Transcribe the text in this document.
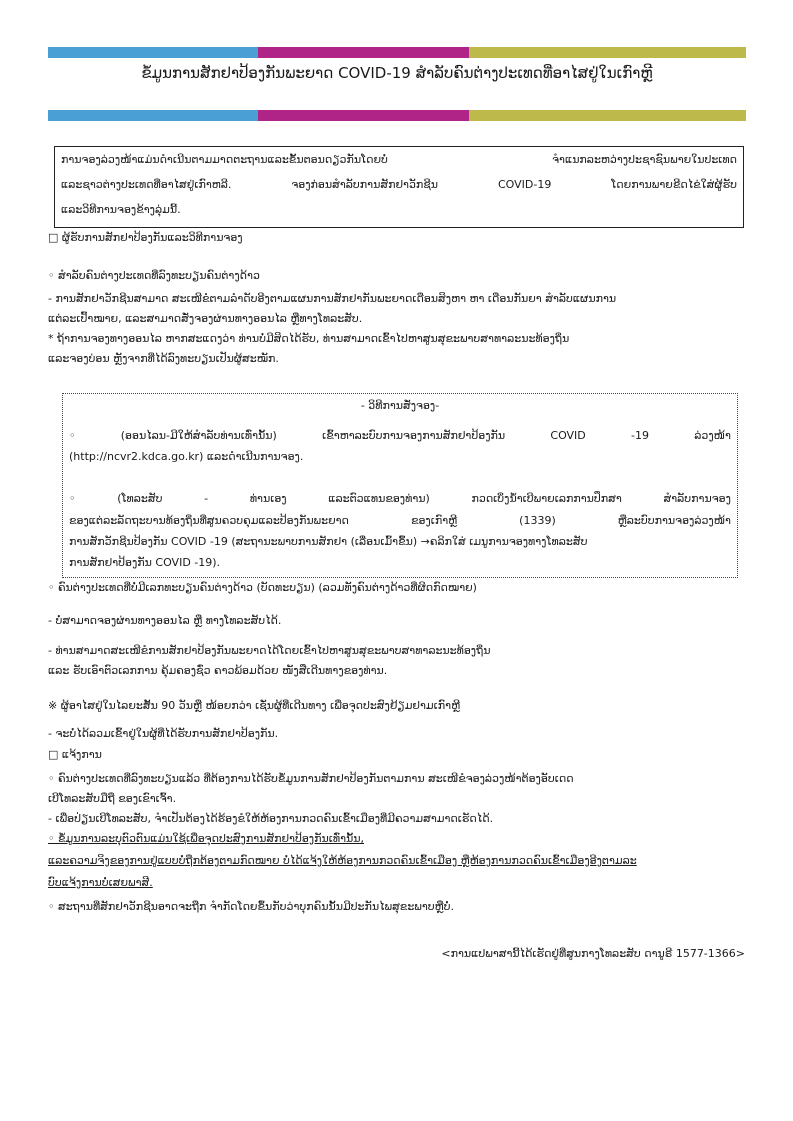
ຂໍ້ມູນການສັກຢາປ້ອງກັນພະຍາດ COVID-19 ສຳລັບຄົນຕ່າງປະເທດທີ່ອາໄສຢູ່ໃນເກົາຫຼີ
ການຈອງລ່ວງໜ້າແມ່ນດຳເນີນຕາມມາດຕະຖານແລະຂັ້ນຕອນດຽວກັນໂດຍບໍ່	ຈຳແນກລະຫວ່າງປະຊາຊົນພາຍໃນປະເທດ
ແລະຊາວຕ່າງປະເທດທີ່ອາໄສຢູ່ເກົາຫລີ.	ຈອງກ່ອນສຳລັບການສັກຢາວັກຊີນ	COVID-19	ໂດຍການພາຍຂີດໄຂ່ໃສ່ຜູ້ຮັບ
ແລະວິທີການຈອງຂ້າງລຸ່ມນີ້.
□ ຜູ້ຮັບການສັກຢາປ້ອງກັນແລະວິທີການຈອງ
◦ ສຳລັບຄົນຕ່າງປະເທດທີ່ລົງທະບຽນຄົນຕ່າງດ້າວ
- ການສັກຢາວັກຊີນສາມາດ ສະເໜີຂໍຕາມລຳດັບອີງຕາມແຜນການສັກຢາກັນພະຍາດເດືອນສິງຫາ ຫາ ເດືອນກັນຍາ ສຳລັບແຜນການ
ແຕ່ລະເປົ້າໝາຍ, ແລະສາມາດສັ່ງຈອງຜ່ານທາງອອນໄລ ຫຼືທາງໂທລະສັບ.
* ຖ້າການຈອງທາງອອນໄລ ຫາກສະແດງວ່າ ທ່ານບໍ່ມີສິດໄດ້ຮັບ, ທ່ານສາມາດເຂົ້າໄປຫາສູນສຸຂະພາບສາທາລະນະທ້ອງຖິ່ນ
ແລະຈອງບ່ອນ ຫຼັງຈາກທີ່ໄດ້ລົງທະບຽນເປັນຜູ້ສະໝັກ.
- ວິທີການສັ່ງຈອງ-
◦	(ອອນໄລນ-ມີໃຫ້ສຳລັບທ່ານເທົ່ານັ້ນ)	ເຂົ້າຫາລະບົບການຈອງການສັກຢາປ້ອງກັນ	COVID	-19	ລ່ວງໜ້າ
(http://ncvr2.kdca.go.kr) ແລະດຳເນີນການຈອງ.
◦	(ໂທລະສັບ	-	ທ່ານເອງ	ແລະຕົວແທນຂອງທ່ານ)	ກວດເບິ່ງນ້ຳເບີພາຍເລກການປຶກສາ	ສຳລັບການຈອງ
ຂອງແຕ່ລະລັດຖະບານທ້ອງຖິ່ນທີ່ສູນຄວບຄຸມແລະປ້ອງກັນພະຍາດ	ຂອງເກົາຫຼີ	(1339)	ຫຼືລະບົບການຈອງລ່ວງໜ້າ
ການສັກວັກຊີນປ້ອງກັນ COVID -19 (ສະຖານະພາບການສັກຢາ (ເລື່ອນເມົ້າຂຶ້ນ) →ຄລິກໃສ່ ເມນູການຈອງທາງໂທລະສັບ
ການສັກຢາປ້ອງກັນ COVID -19).
◦ ຄົນຕ່າງປະເທດທີ່ບໍ່ມີເລກທະບຽນຄົນຕ່າງດ້າວ (ບັດທະບຽນ) (ລວມທັງຄົນຕ່າງດ້າວທີ່ຜິດກົດໝາຍ)
- ບໍ່ສາມາດຈອງຜ່ານທາງອອນໄລ ຫຼື ທາງໂທລະສັບໄດ້.
- ທ່ານສາມາດສະເໜີຂໍການສັກຢາປ້ອງກັນພະຍາດໄດ້ໂດຍເຂົ້າໄປຫາສູນສຸຂະພາບສາທາລະນະທ້ອງຖິ່ນ
ແລະ ຮັບເອົາຕົວເລກການ ຄຸ້ມຄອງຊົ່ວ ຄາວພ້ອມດ້ວຍ ໜັງສືເດີນທາງຂອງທ່ານ.
※ ຜູ້ອາໄສຢູ່ໃນໄລຍະສັ້ນ 90 ວັນຫຼື ໜ້ອຍກວ່າ ເຊັ່ນຜູ້ທີ່ເດີນທາງ ເພື່ອຈຸດປະສົງຢ້ຽມຢາມເກົາຫຼີ
- ຈະບໍ່ໄດ້ລວມເຂົ້າຢູ່ໃນຜູ້ທີ່ໄດ້ຮັບການສັກຢາປ້ອງກັນ.
□ ແຈ້ງການ
◦ ຄົນຕ່າງປະເທດທີ່ລົງທະບຽນແລ້ວ ທີ່ຕ້ອງການໄດ້ຮັບຂໍ້ມູນການສັກຢາປ້ອງກັນຕາມການ ສະເໜີຂໍຈອງລ່ວງໜ້າຕ້ອງອັບເດດ
ເບີໂທລະສັບມືຖື ຂອງເຂົາເຈົ້າ.
- ເພື່ອປ່ຽນເບີໂທລະສັບ, ຈຳເປັນຕ້ອງໄດ້ຮ້ອງຂໍໃຫ້ຫ້ອງການກວດຄົນເຂົ້າເມືອງທີ່ມີຄວາມສາມາດເຮັດໄດ້.
◦ ຂໍ້ມູນການລະບຸຕົວຕົນແມ່ນໃຊ້ເພື່ອຈຸດປະສົງການສັກຢາປ້ອງກັນເທົ່ານັ້ນ,
ແລະຄວາມຈິງຂອງການຢູ່ແບບບໍ່ຖືກຕ້ອງຕາມກົດໝາຍ ບໍ່ໄດ້ແຈ້ງໃຫ້ຫ້ອງການກວດຄົນເຂົ້າເມືອງ ຫຼືຫ້ອງການກວດຄົນເຂົ້າເມືອງອີງຕາມລະ
ບົບແຈ້ງການບໍ່ເສຍພາສີ.
◦ ສະຖານທີ່ສັກຢາວັກຊີນອາດຈະຖືກ ຈຳກັດໂດຍຂຶ້ນກັບວ່າບຸກຄົນນັ້ນມີປະກັນໄພສຸຂະພາບຫຼືບໍ່.
<ການແປພາສານີ້ໄດ້ເຮັດຢູ່ທີ່ສູນກາງໂທລະສັບ ດານູຣີ 1577-1366>
